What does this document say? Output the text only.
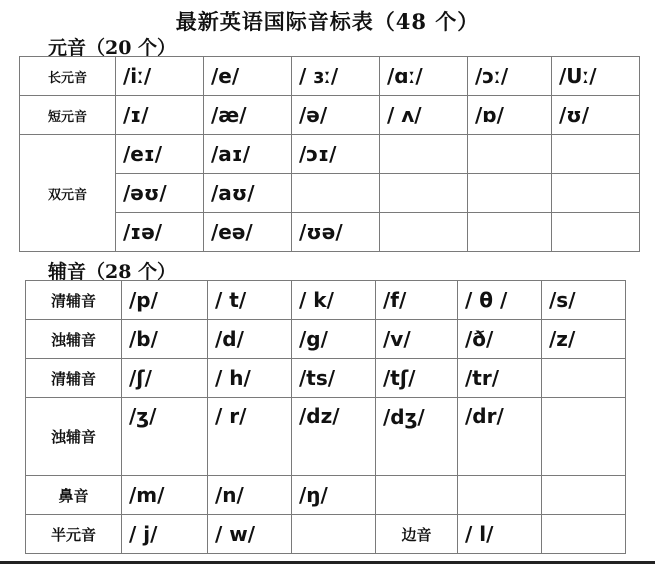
最新英语国际音标表（48 个）
元音（20 个）
长元音	/iː/	/e/	/ ɜː/	/ɑː/	/ɔː/	/Uː/
短元音	/ɪ/	/æ/	/ə/	/ ʌ/	/ɒ/	/ʊ/
双元音	/eɪ/	/aɪ/	/ɔɪ/			
	/əʊ/	/aʊ/				
	/ɪə/	/eə/	/ʊə/			
辅音（28 个）
清辅音	/p/	/ t/	/ k/	/f/	/ θ /	/s/
浊辅音	/b/	/d/	/g/	/v/	/ð/	/z/
清辅音	/ʃ/	/ h/	/ts/	/tʃ/	/tr/	
浊辅音	/ʒ/	/ r/	/dz/	/dʒ/	/dr/	
鼻音	/m/	/n/	/ŋ/			
半元音	/ j/	/ w/		边音	/ l/	
